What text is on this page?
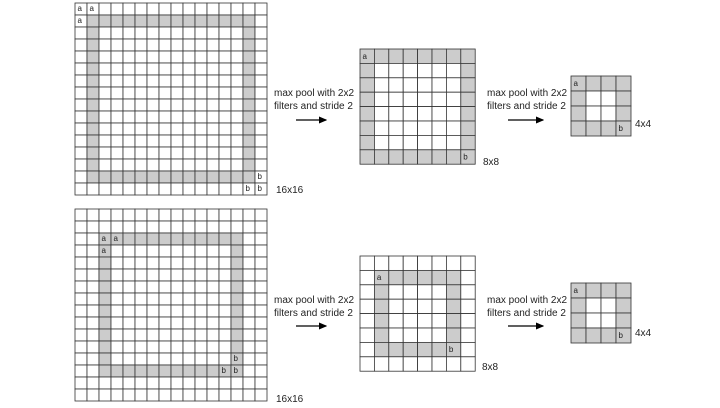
a a
a
b
b b
a
b
a
b
a a
a
b
b b
a
b
a
b
16x16
max pool with 2x2
filters and stride 2
8x8
max pool with 2x2
filters and stride 2
4x4
16x16
max pool with 2x2
filters and stride 2
8x8
max pool with 2x2
filters and stride 2
4x4
